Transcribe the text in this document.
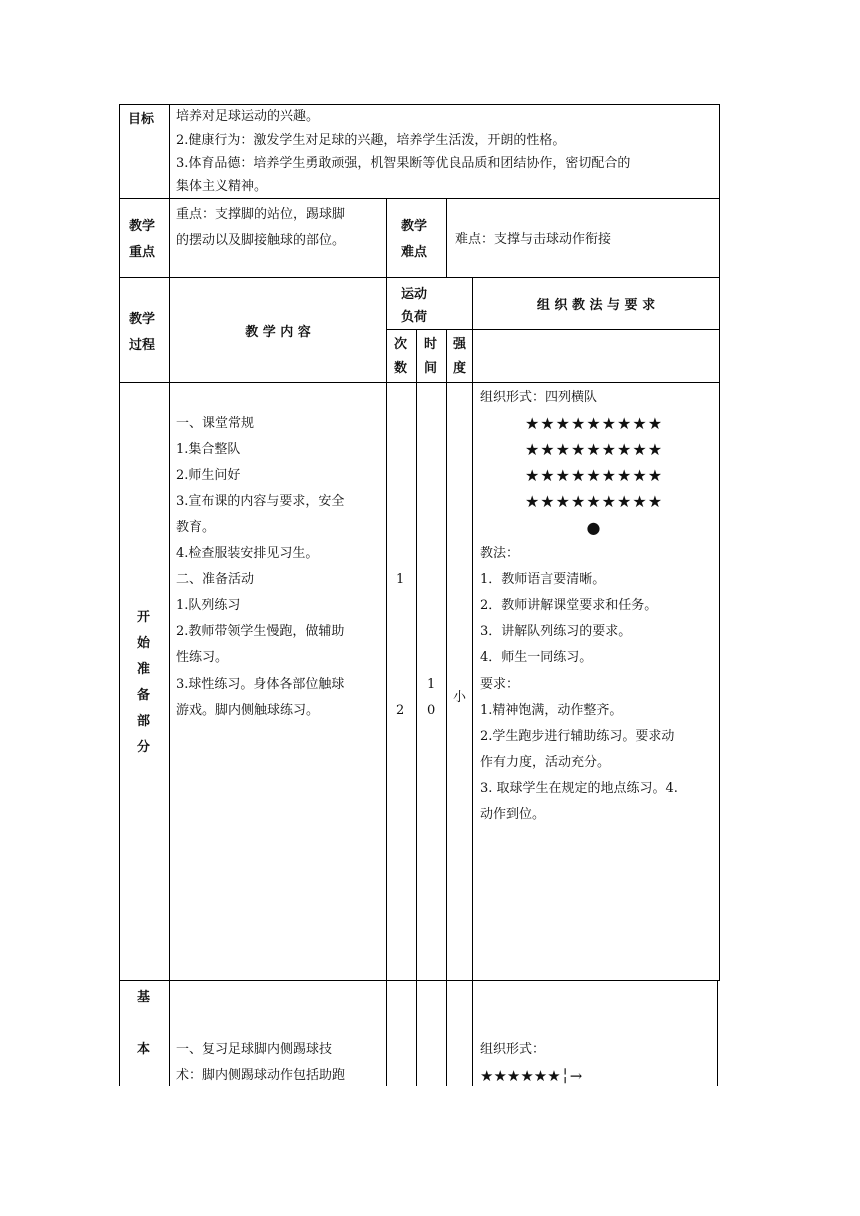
目标 培养对足球运动的兴趣。
2.健康行为：激发学生对足球的兴趣，培养学生活泼，开朗的性格。
3.体育品德：培养学生勇敢顽强，机智果断等优良品质和团结协作，密切配合的
集体主义精神。
教学
重点
重点：支撑脚的站位，踢球脚
的摆动以及脚接触球的部位。
教学
难点
难点：支撑与击球动作衔接
教学
过程
教 学 内 容
运动
负荷
组 织 教 法 与 要 求
次
数
时
间
强
度
开
始
准
备
部
分
一、课堂常规
1.集合整队
2.师生问好
3.宣布课的内容与要求，安全
教育。
4.检查服装安排见习生。
二、准备活动
1.队列练习
2.教师带领学生慢跑，做辅助
性练习。
3.球性练习。身体各部位触球
游戏。脚内侧触球练习。
1
2
1
0
小
组织形式：四列横队
★★★★★★★★★
★★★★★★★★★
★★★★★★★★★
★★★★★★★★★
●
教法：
1．教师语言要清晰。
2．教师讲解课堂要求和任务。
3．讲解队列练习的要求。
4．师生一同练习。
要求：
1.精神饱满，动作整齐。
2.学生跑步进行辅助练习。要求动
作有力度，活动充分。
3. 取球学生在规定的地点练习。4.
动作到位。
基
本 一、复习足球脚内侧踢球技
术：脚内侧踢球动作包括助跑
组织形式：
★★★★★★╎→
